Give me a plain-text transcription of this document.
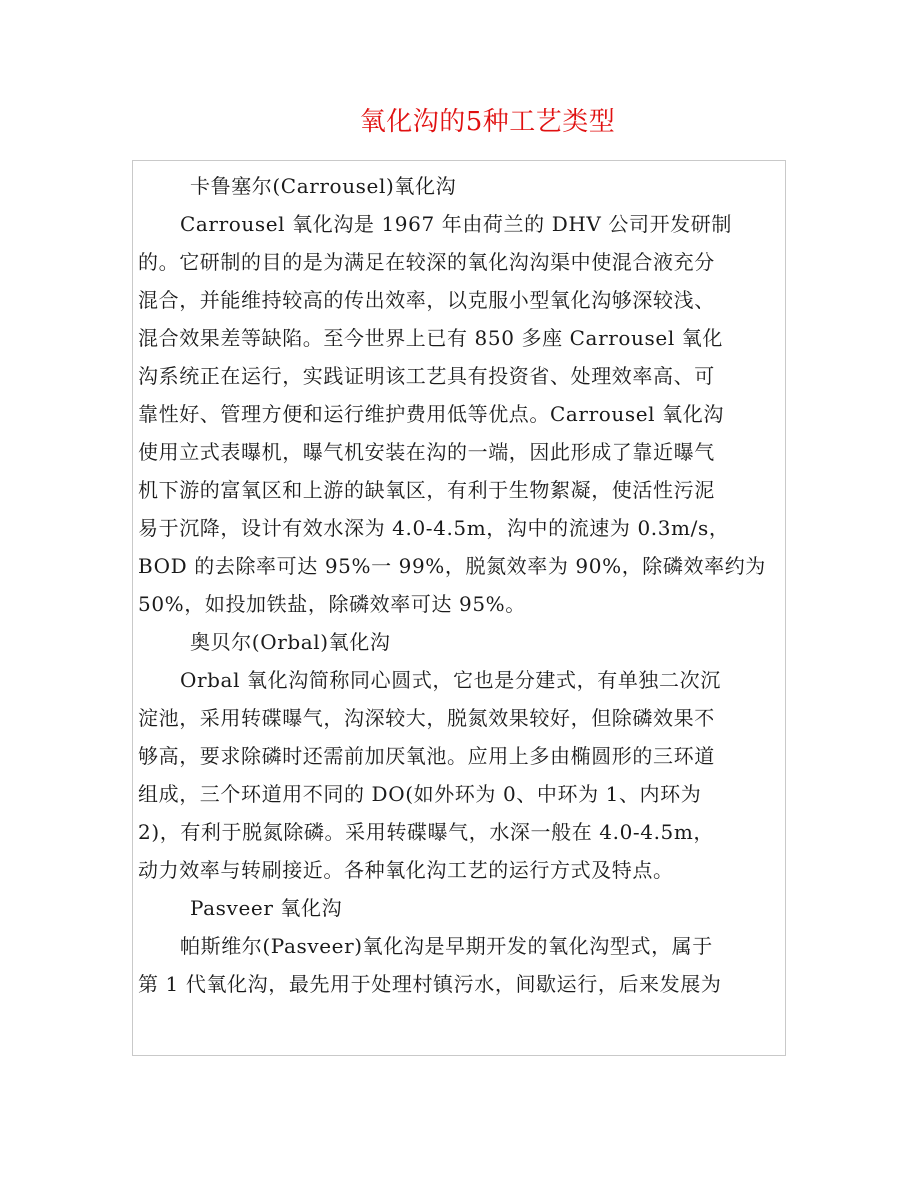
氧化沟的5种工艺类型
卡鲁塞尔(Carrousel)氧化沟
Carrousel 氧化沟是 1967 年由荷兰的 DHV 公司开发研制
的。它研制的目的是为满足在较深的氧化沟沟渠中使混合液充分
混合，并能维持较高的传出效率，以克服小型氧化沟够深较浅、
混合效果差等缺陷。至今世界上已有 850 多座 Carrousel 氧化
沟系统正在运行，实践证明该工艺具有投资省、处理效率高、可
靠性好、管理方便和运行维护费用低等优点。Carrousel 氧化沟
使用立式表曝机，曝气机安装在沟的一端，因此形成了靠近曝气
机下游的富氧区和上游的缺氧区，有利于生物絮凝，使活性污泥
易于沉降，设计有效水深为 4.0-4.5m，沟中的流速为 0.3m/s，
BOD 的去除率可达 95%一 99%，脱氮效率为 90%，除磷效率约为
50%，如投加铁盐，除磷效率可达 95%。
奥贝尔(Orbal)氧化沟
Orbal 氧化沟简称同心圆式，它也是分建式，有单独二次沉
淀池，采用转碟曝气，沟深较大，脱氮效果较好，但除磷效果不
够高，要求除磷时还需前加厌氧池。应用上多由椭圆形的三环道
组成，三个环道用不同的 DO(如外环为 0、中环为 1、内环为
2)，有利于脱氮除磷。采用转碟曝气，水深一般在 4.0-4.5m，
动力效率与转刷接近。各种氧化沟工艺的运行方式及特点。
Pasveer 氧化沟
帕斯维尔(Pasveer)氧化沟是早期开发的氧化沟型式，属于
第 1 代氧化沟，最先用于处理村镇污水，间歇运行，后来发展为
